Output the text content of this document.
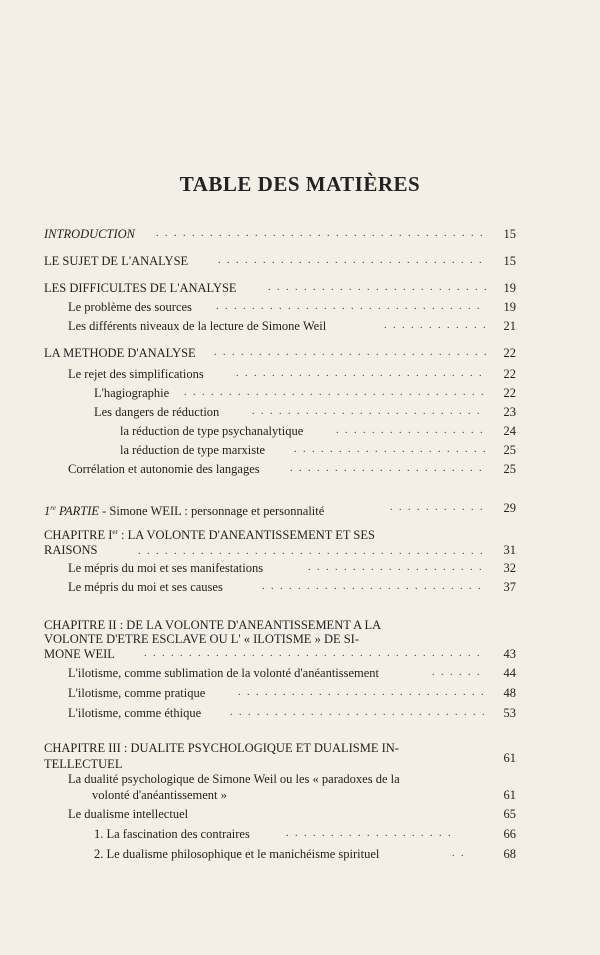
TABLE DES MATIÈRES
INTRODUCTION . . .	15
LE SUJET DE L'ANALYSE . . .	15
LES DIFFICULTES DE L'ANALYSE . . .	19
Le problème des sources . . .	19
Les différents niveaux de la lecture de Simone Weil . . .	21
LA METHODE D'ANALYSE . . .	22
Le rejet des simplifications . . .	22
L'hagiographie . . .	22
Les dangers de réduction . . .	23
la réduction de type psychanalytique . . .	24
la réduction de type marxiste . . .	25
Corrélation et autonomie des langages . . .	25
1re PARTIE - Simone WEIL : personnage et personnalité . . .	29
CHAPITRE Ier : LA VOLONTE D'ANEANTISSEMENT ET SES
RAISONS . . .	31
Le mépris du moi et ses manifestations . . .	32
Le mépris du moi et ses causes . . .	37
CHAPITRE II : DE LA VOLONTE D'ANEANTISSEMENT A LA
VOLONTE D'ETRE ESCLAVE OU L' « ILOTISME » DE SI-
MONE WEIL . . .	43
L'ilotisme, comme sublimation de la volonté d'anéantissement . . .	44
L'ilotisme, comme pratique . . .	48
L'ilotisme, comme éthique . . .	53
CHAPITRE III : DUALITE PSYCHOLOGIQUE ET DUALISME IN-
TELLECTUEL	61
La dualité psychologique de Simone Weil ou les « paradoxes de la
volonté d'anéantissement »	61
Le dualisme intellectuel	65
1. La fascination des contraires . . .	66
2. Le dualisme philosophique et le manichéisme spirituel . . .	68
